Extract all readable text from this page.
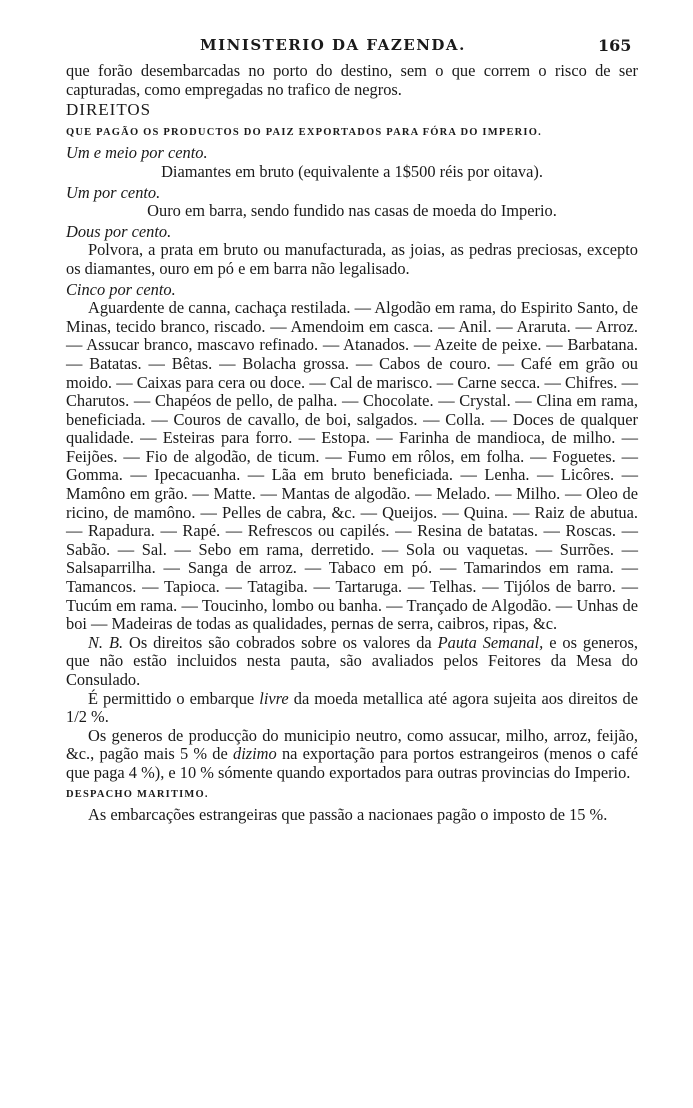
MINISTERIO DA FAZENDA.	165

que forão desembarcadas no porto do destino, sem o que correm o risco de ser capturadas, como empregadas no trafico de negros.

DIREITOS

QUE PAGÃO OS PRODUCTOS DO PAIZ EXPORTADOS PARA FÓRA DO IMPERIO.

Um e meio por cento.

Diamantes em bruto (equivalente a 1$500 réis por oitava).

Um por cento.

Ouro em barra, sendo fundido nas casas de moeda do Imperio.

Dous por cento.

Polvora, a prata em bruto ou manufacturada, as joias, as pedras preciosas, excepto os diamantes, ouro em pó e em barra não legalisado.

Cinco por cento.

Aguardente de canna, cachaça restilada. — Algodão em rama, do Espirito Santo, de Minas, tecido branco, riscado. — Amendoim em casca. — Anil. — Araruta. — Arroz. — Assucar branco, mascavo refinado. — Atanados. — Azeite de peixe. — Barbatana. — Batatas. — Bêtas. — Bolacha grossa. — Cabos de couro. — Café em grão ou moido. — Caixas para cera ou doce. — Cal de marisco. — Carne secca. — Chifres. — Charutos. — Chapéos de pello, de palha. — Chocolate. — Crystal. — Clina em rama, beneficiada. — Couros de cavallo, de boi, salgados. — Colla. — Doces de qualquer qualidade. — Esteiras para forro. — Estopa. — Farinha de mandioca, de milho. — Feijões. — Fio de algodão, de ticum. — Fumo em rôlos, em folha. — Foguetes. — Gomma. — Ipecacuanha. — Lãa em bruto beneficiada. — Lenha. — Licôres. — Mamôno em grão. — Matte. — Mantas de algodão. — Melado. — Milho. — Oleo de ricino, de mamôno. — Pelles de cabra, &c. — Queijos. — Quina. — Raiz de abutua. — Rapadura. — Rapé. — Refrescos ou capilés. — Resina de batatas. — Roscas. — Sabão. — Sal. — Sebo em rama, derretido. — Sola ou vaquetas. — Surrões. — Salsaparrilha. — Sanga de arroz. — Tabaco em pó. — Tamarindos em rama. — Tamancos. — Tapioca. — Tatagiba. — Tartaruga. — Telhas. — Tijólos de barro. — Tucúm em rama. — Toucinho, lombo ou banha. — Trançado de Algodão. — Unhas de boi — Madeiras de todas as qualidades, pernas de serra, caibros, ripas, &c.

N. B. Os direitos são cobrados sobre os valores da Pauta Semanal, e os generos, que não estão incluidos nesta pauta, são avaliados pelos Feitores da Mesa do Consulado.

É permittido o embarque livre da moeda metallica até agora sujeita aos direitos de 1/2 %.

Os generos de producção do municipio neutro, como assucar, milho, arroz, feijão, &c., pagão mais 5 % de dizimo na exportação para portos estrangeiros (menos o café que paga 4 %), e 10 % sómente quando exportados para outras provincias do Imperio.

DESPACHO MARITIMO.

As embarcações estrangeiras que passão a nacionaes pagão o imposto de 15 %.
